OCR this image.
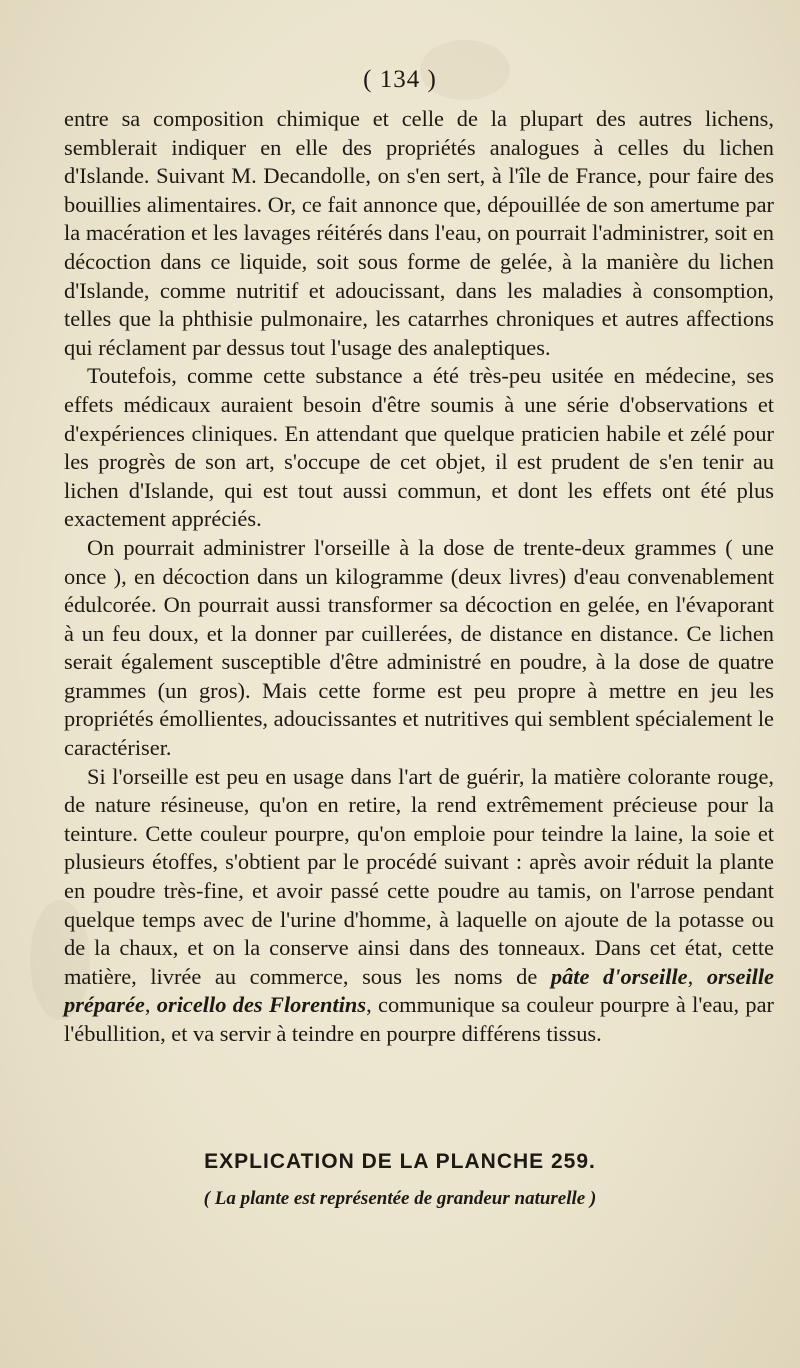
( 134 )

entre sa composition chimique et celle de la plupart des autres lichens, semblerait indiquer en elle des propriétés analogues à celles du lichen d'Islande. Suivant M. Decandolle, on s'en sert, à l'île de France, pour faire des bouillies alimentaires. Or, ce fait annonce que, dépouillée de son amertume par la macération et les lavages réitérés dans l'eau, on pourrait l'administrer, soit en décoction dans ce liquide, soit sous forme de gelée, à la manière du lichen d'Islande, comme nutritif et adoucissant, dans les maladies à consomption, telles que la phthisie pulmonaire, les catarrhes chroniques et autres affections qui réclament par dessus tout l'usage des analeptiques.

Toutefois, comme cette substance a été très-peu usitée en médecine, ses effets médicaux auraient besoin d'être soumis à une série d'observations et d'expériences cliniques. En attendant que quelque praticien habile et zélé pour les progrès de son art, s'occupe de cet objet, il est prudent de s'en tenir au lichen d'Islande, qui est tout aussi commun, et dont les effets ont été plus exactement appréciés.

On pourrait administrer l'orseille à la dose de trente-deux grammes ( une once ), en décoction dans un kilogramme (deux livres) d'eau convenablement édulcorée. On pourrait aussi transformer sa décoction en gelée, en l'évaporant à un feu doux, et la donner par cuillerées, de distance en distance. Ce lichen serait également susceptible d'être administré en poudre, à la dose de quatre grammes (un gros). Mais cette forme est peu propre à mettre en jeu les propriétés émollientes, adoucissantes et nutritives qui semblent spécialement le caractériser.

Si l'orseille est peu en usage dans l'art de guérir, la matière colorante rouge, de nature résineuse, qu'on en retire, la rend extrêmement précieuse pour la teinture. Cette couleur pourpre, qu'on emploie pour teindre la laine, la soie et plusieurs étoffes, s'obtient par le procédé suivant : après avoir réduit la plante en poudre très-fine, et avoir passé cette poudre au tamis, on l'arrose pendant quelque temps avec de l'urine d'homme, à laquelle on ajoute de la potasse ou de la chaux, et on la conserve ainsi dans des tonneaux. Dans cet état, cette matière, livrée au commerce, sous les noms de pâte d'orseille, orseille préparée, oricello des Florentins, communique sa couleur pourpre à l'eau, par l'ébullition, et va servir à teindre en pourpre différens tissus.

EXPLICATION DE LA PLANCHE 259.
( La plante est représentée de grandeur naturelle )
